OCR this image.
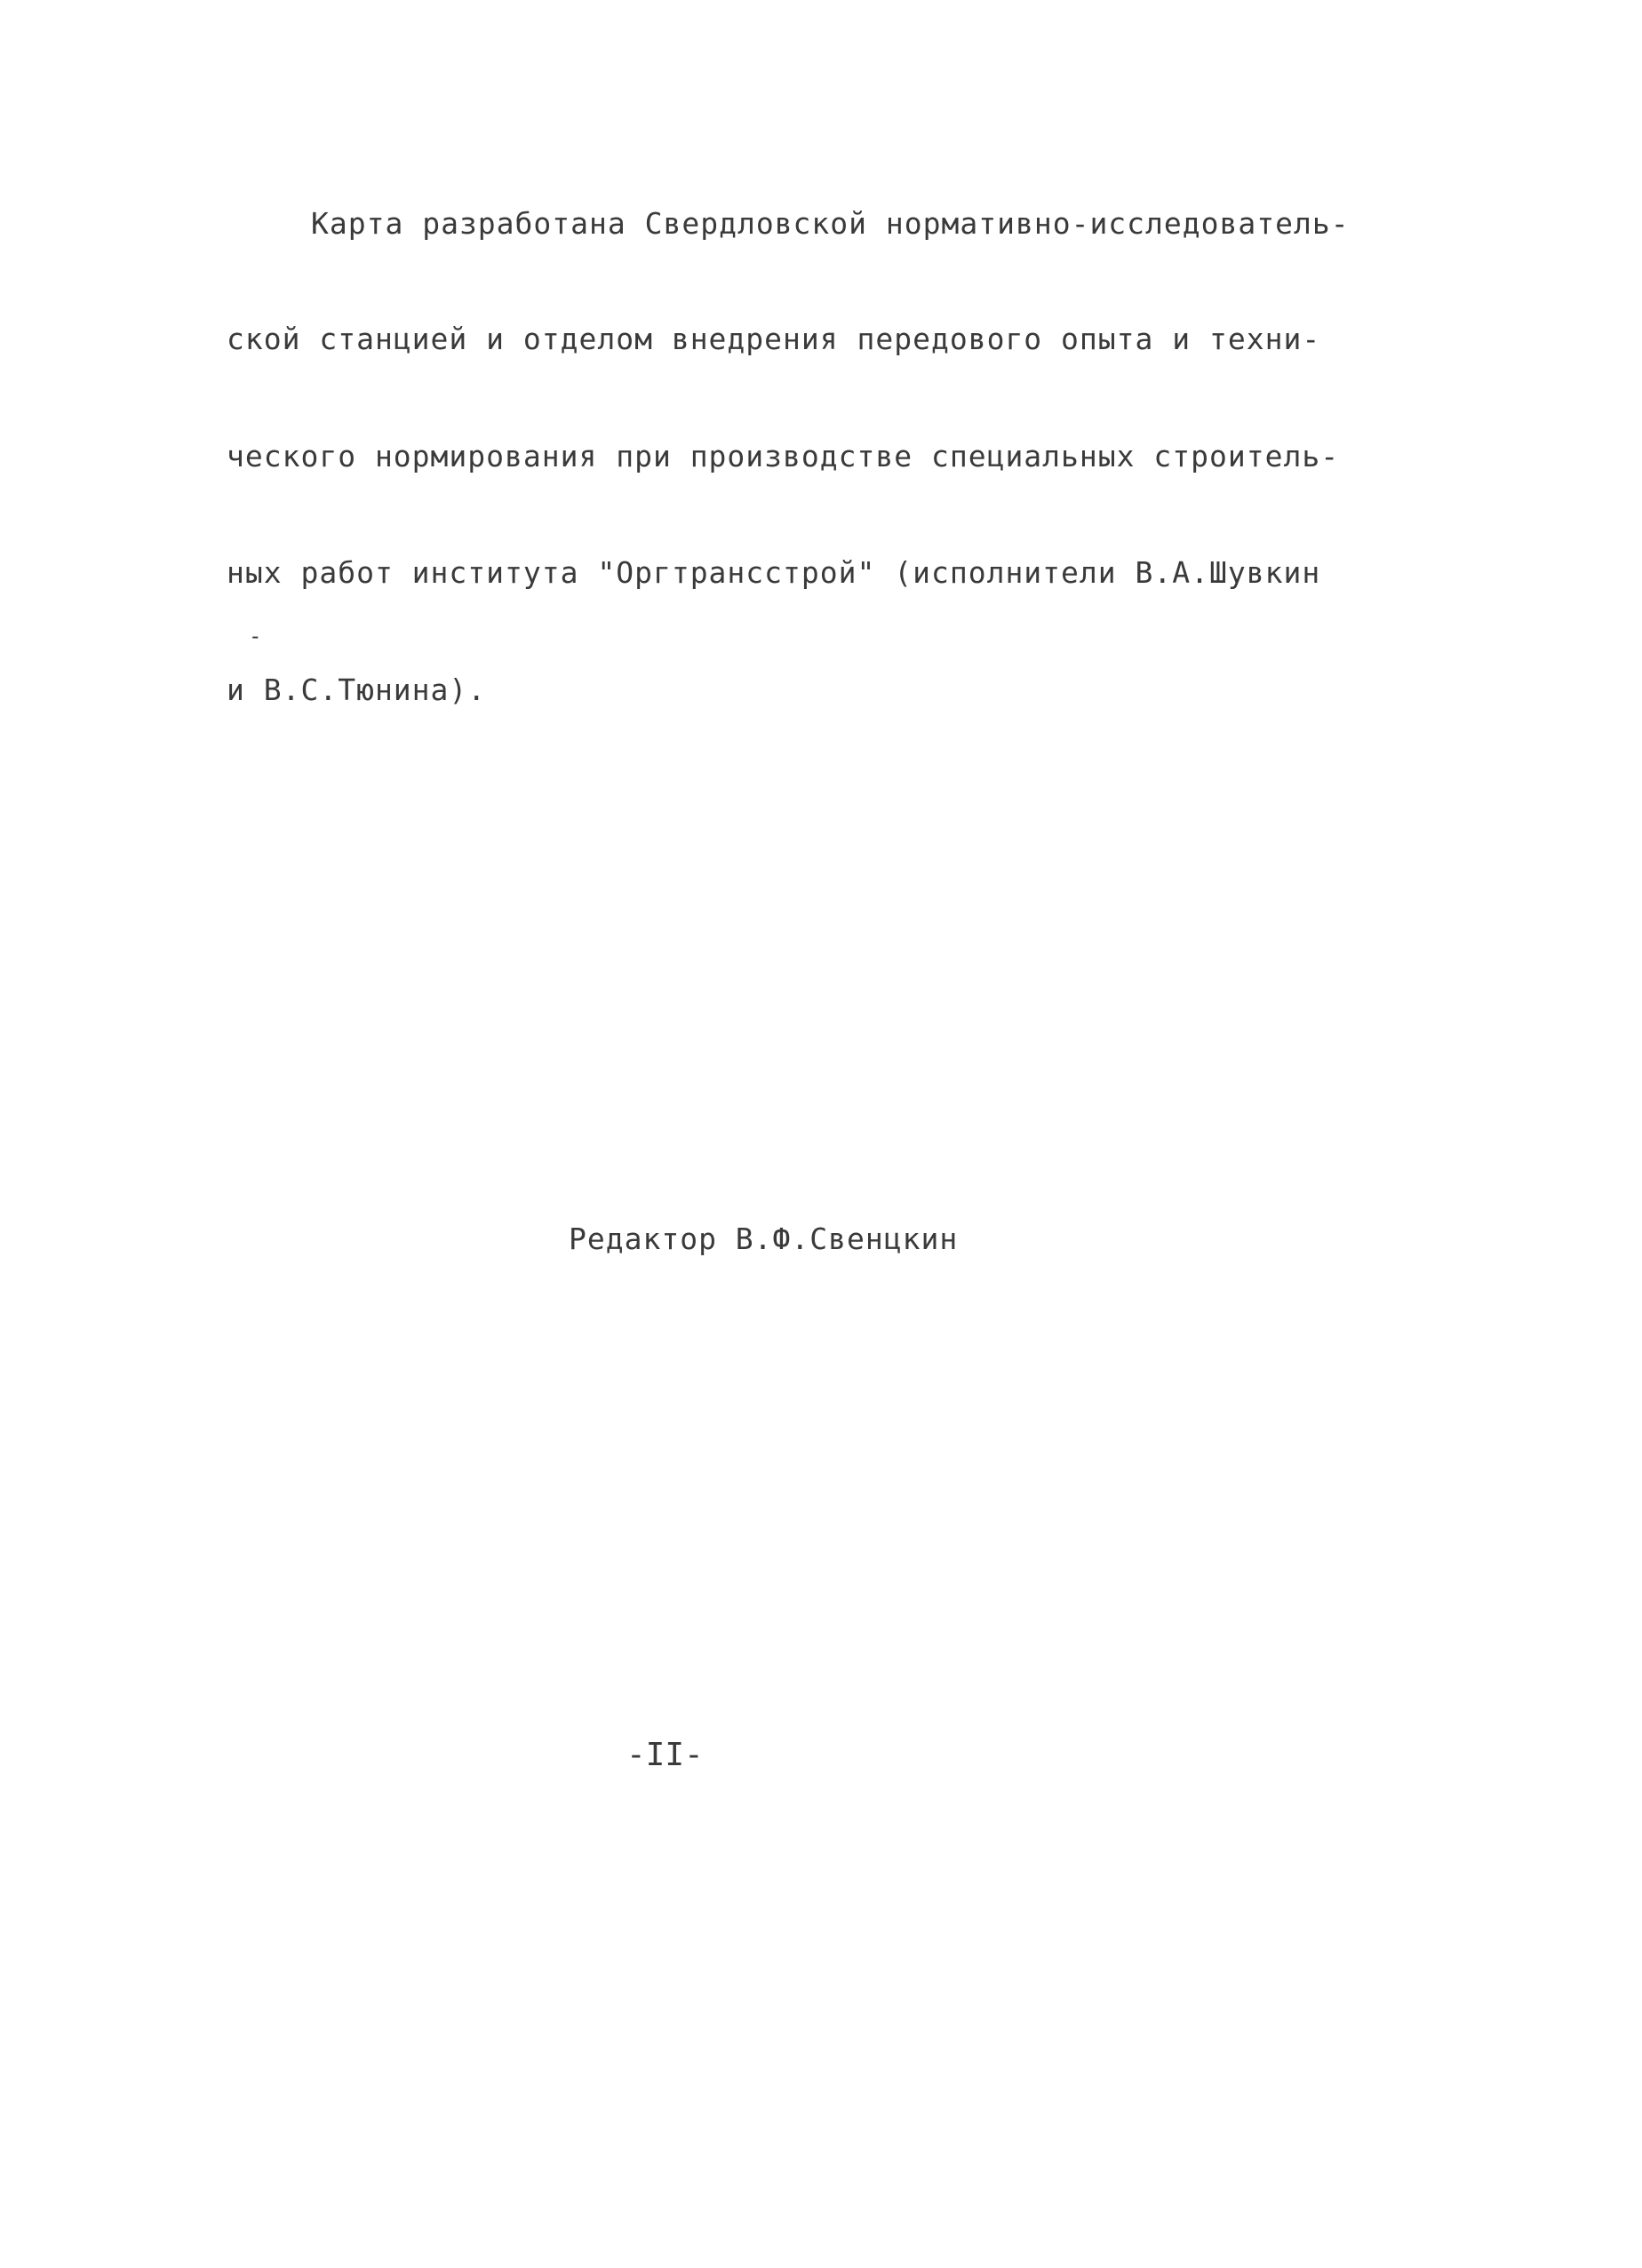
Карта разработана Свердловской нормативно-исследователь-
ской станцией и отделом внедрения передового опыта и техни-
ческого нормирования при производстве специальных строитель-
ных работ института "Оргтрансстрой" (исполнители В.А.Шувкин
-
и В.С.Тюнина).
Редактор В.Ф.Свенцкин
-II-
